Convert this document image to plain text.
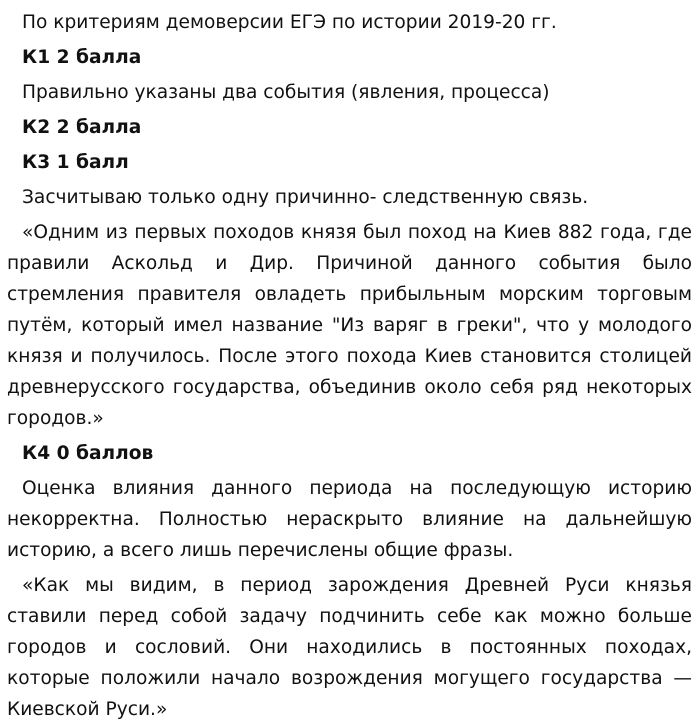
По критериям демоверсии ЕГЭ по истории 2019-20 гг.

К1 2 балла

Правильно указаны два события (явления, процесса)

К2 2 балла

К3 1 балл

Засчитываю только одну причинно- следственную связь.

«Одним из первых походов князя был поход на Киев 882 года, где правили Аскольд и Дир. Причиной данного события было стремления правителя овладеть прибыльным морским торговым путём, который имел название "Из варяг в греки", что у молодого князя и получилось. После этого похода Киев становится столицей древнерусского государства, объединив около себя ряд некоторых городов.»

К4 0 баллов

Оценка влияния данного периода на последующую историю некорректна. Полностью нераскрыто влияние на дальнейшую историю, а всего лишь перечислены общие фразы.

«Как мы видим, в период зарождения Древней Руси князья ставили перед собой задачу подчинить себе как можно больше городов и сословий. Они находились в постоянных походах, которые положили начало возрождения могущего государства — Киевской Руси.»
